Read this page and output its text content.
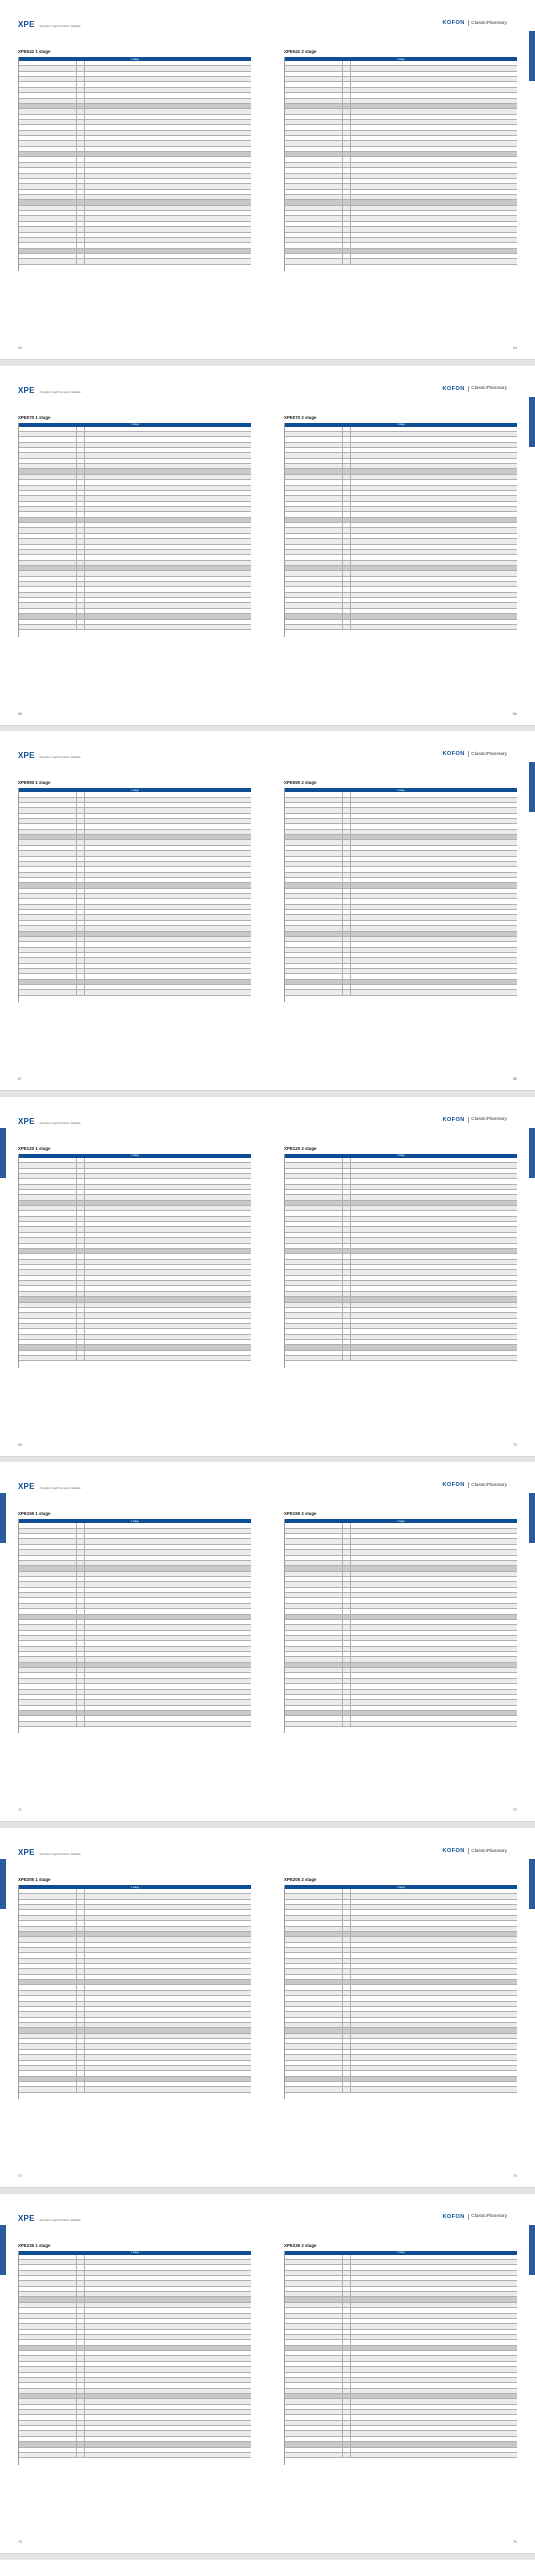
XPE Precision / High Precision / Reliable
KOFON ClassicPlanetary
XPE042 1 stage
1 stage
63
XPE042 2 stage
2 stage
64
XPE Precision / High Precision / Reliable
KOFON ClassicPlanetary
XPE070 1 stage
1 stage
65
XPE070 2 stage
2 stage
66
XPE Precision / High Precision / Reliable
KOFON ClassicPlanetary
XPE090 1 stage
1 stage
67
XPE090 2 stage
2 stage
68
XPE Precision / High Precision / Reliable
KOFON ClassicPlanetary
XPE120 1 stage
1 stage
69
XPE120 2 stage
2 stage
70
XPE Precision / High Precision / Reliable
KOFON ClassicPlanetary
XPE155 1 stage
1 stage
71
XPE155 2 stage
2 stage
72
XPE Precision / High Precision / Reliable
KOFON ClassicPlanetary
XPE205 1 stage
1 stage
73
XPE205 2 stage
2 stage
74
XPE Precision / High Precision / Reliable
KOFON ClassicPlanetary
XPE235 1 stage
1 stage
75
XPE235 2 stage
2 stage
76
